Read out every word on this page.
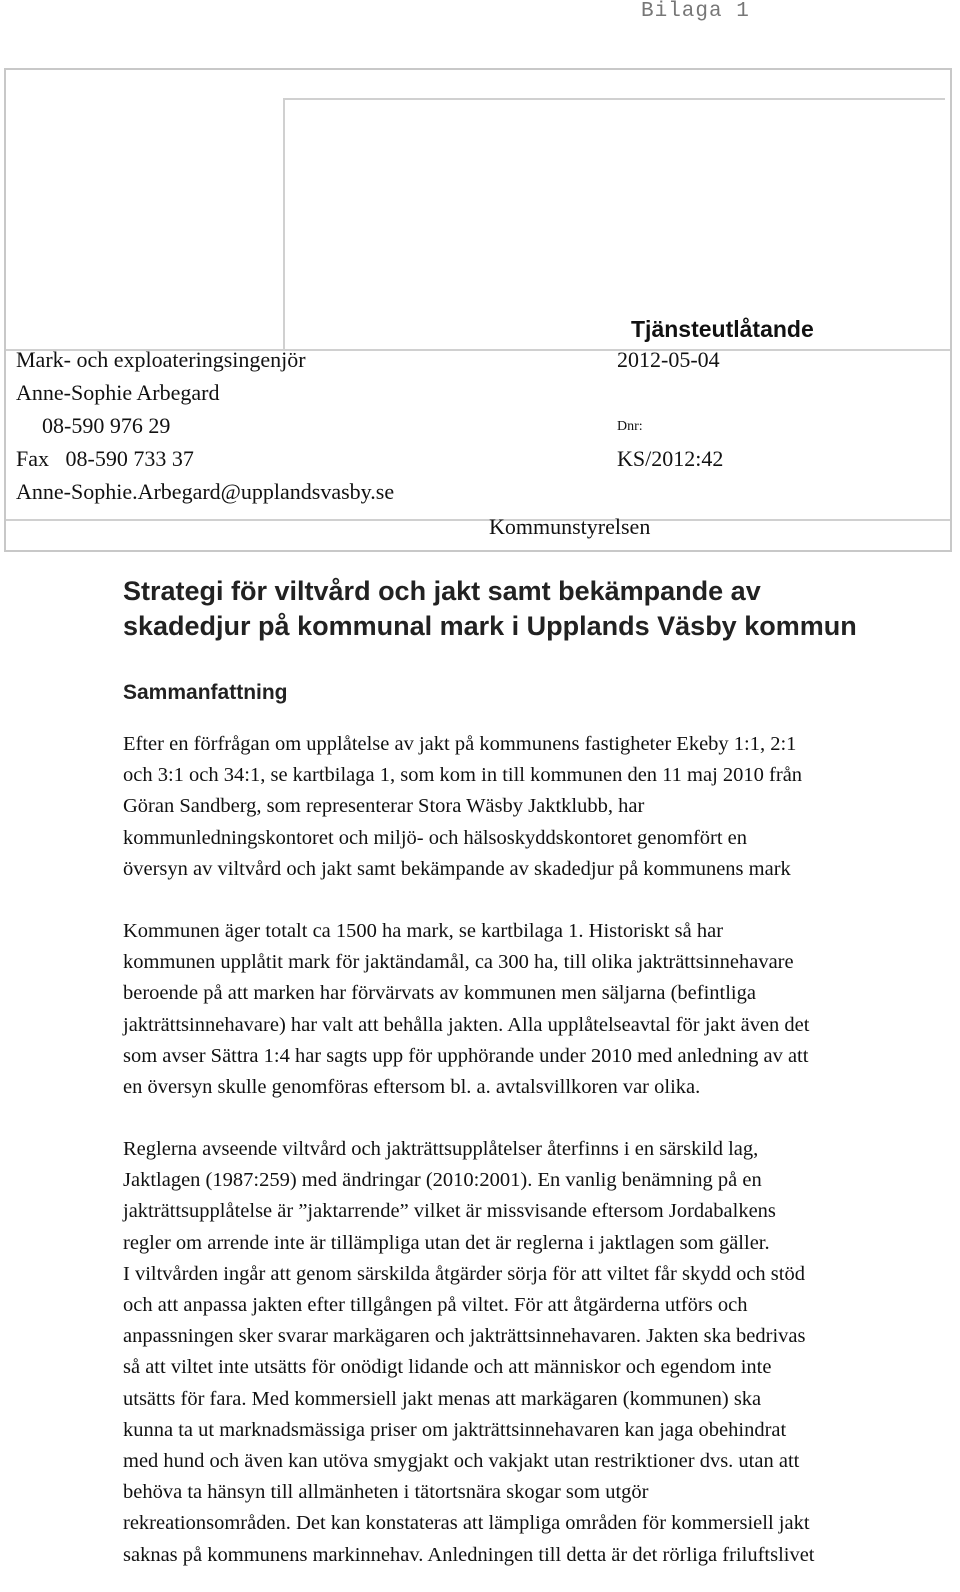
Bilaga 1
Tjänsteutlåtande
Mark- och exploateringsingenjör
Anne-Sophie Arbegard
08-590 976 29
Fax   08-590 733 37
Anne-Sophie.Arbegard@upplandsvasby.se
2012-05-04
Dnr:
KS/2012:42
Kommunstyrelsen
Strategi för viltvård och jakt samt bekämpande av
skadedjur på kommunal mark i Upplands Väsby kommun
Sammanfattning
Efter en förfrågan om upplåtelse av jakt på kommunens fastigheter Ekeby 1:1, 2:1
och 3:1 och 34:1, se kartbilaga 1, som kom in till kommunen den 11 maj 2010 från
Göran Sandberg, som representerar Stora Wäsby Jaktklubb, har
kommunledningskontoret och miljö- och hälsoskyddskontoret genomfört en
översyn av viltvård och jakt samt bekämpande av skadedjur på kommunens mark
Kommunen äger totalt ca 1500 ha mark, se kartbilaga 1. Historiskt så har
kommunen upplåtit mark för jaktändamål, ca 300 ha, till olika jakträttsinnehavare
beroende på att marken har förvärvats av kommunen men säljarna (befintliga
jakträttsinnehavare) har valt att behålla jakten. Alla upplåtelseavtal för jakt även det
som avser Sättra 1:4 har sagts upp för upphörande under 2010 med anledning av att
en översyn skulle genomföras eftersom bl. a. avtalsvillkoren var olika.
Reglerna avseende viltvård och jakträttsupplåtelser återfinns i en särskild lag,
Jaktlagen (1987:259) med ändringar (2010:2001). En vanlig benämning på en
jakträttsupplåtelse är ”jaktarrende” vilket är missvisande eftersom Jordabalkens
regler om arrende inte är tillämpliga utan det är reglerna i jaktlagen som gäller.
I viltvården ingår att genom särskilda åtgärder sörja för att viltet får skydd och stöd
och att anpassa jakten efter tillgången på viltet. För att åtgärderna utförs och
anpassningen sker svarar markägaren och jakträttsinnehavaren. Jakten ska bedrivas
så att viltet inte utsätts för onödigt lidande och att människor och egendom inte
utsätts för fara. Med kommersiell jakt menas att markägaren (kommunen) ska
kunna ta ut marknadsmässiga priser om jakträttsinnehavaren kan jaga obehindrat
med hund och även kan utöva smygjakt och vakjakt utan restriktioner dvs. utan att
behöva ta hänsyn till allmänheten i tätortsnära skogar som utgör
rekreationsområden. Det kan konstateras att lämpliga områden för kommersiell jakt
saknas på kommunens markinnehav. Anledningen till detta är det rörliga friluftslivet
